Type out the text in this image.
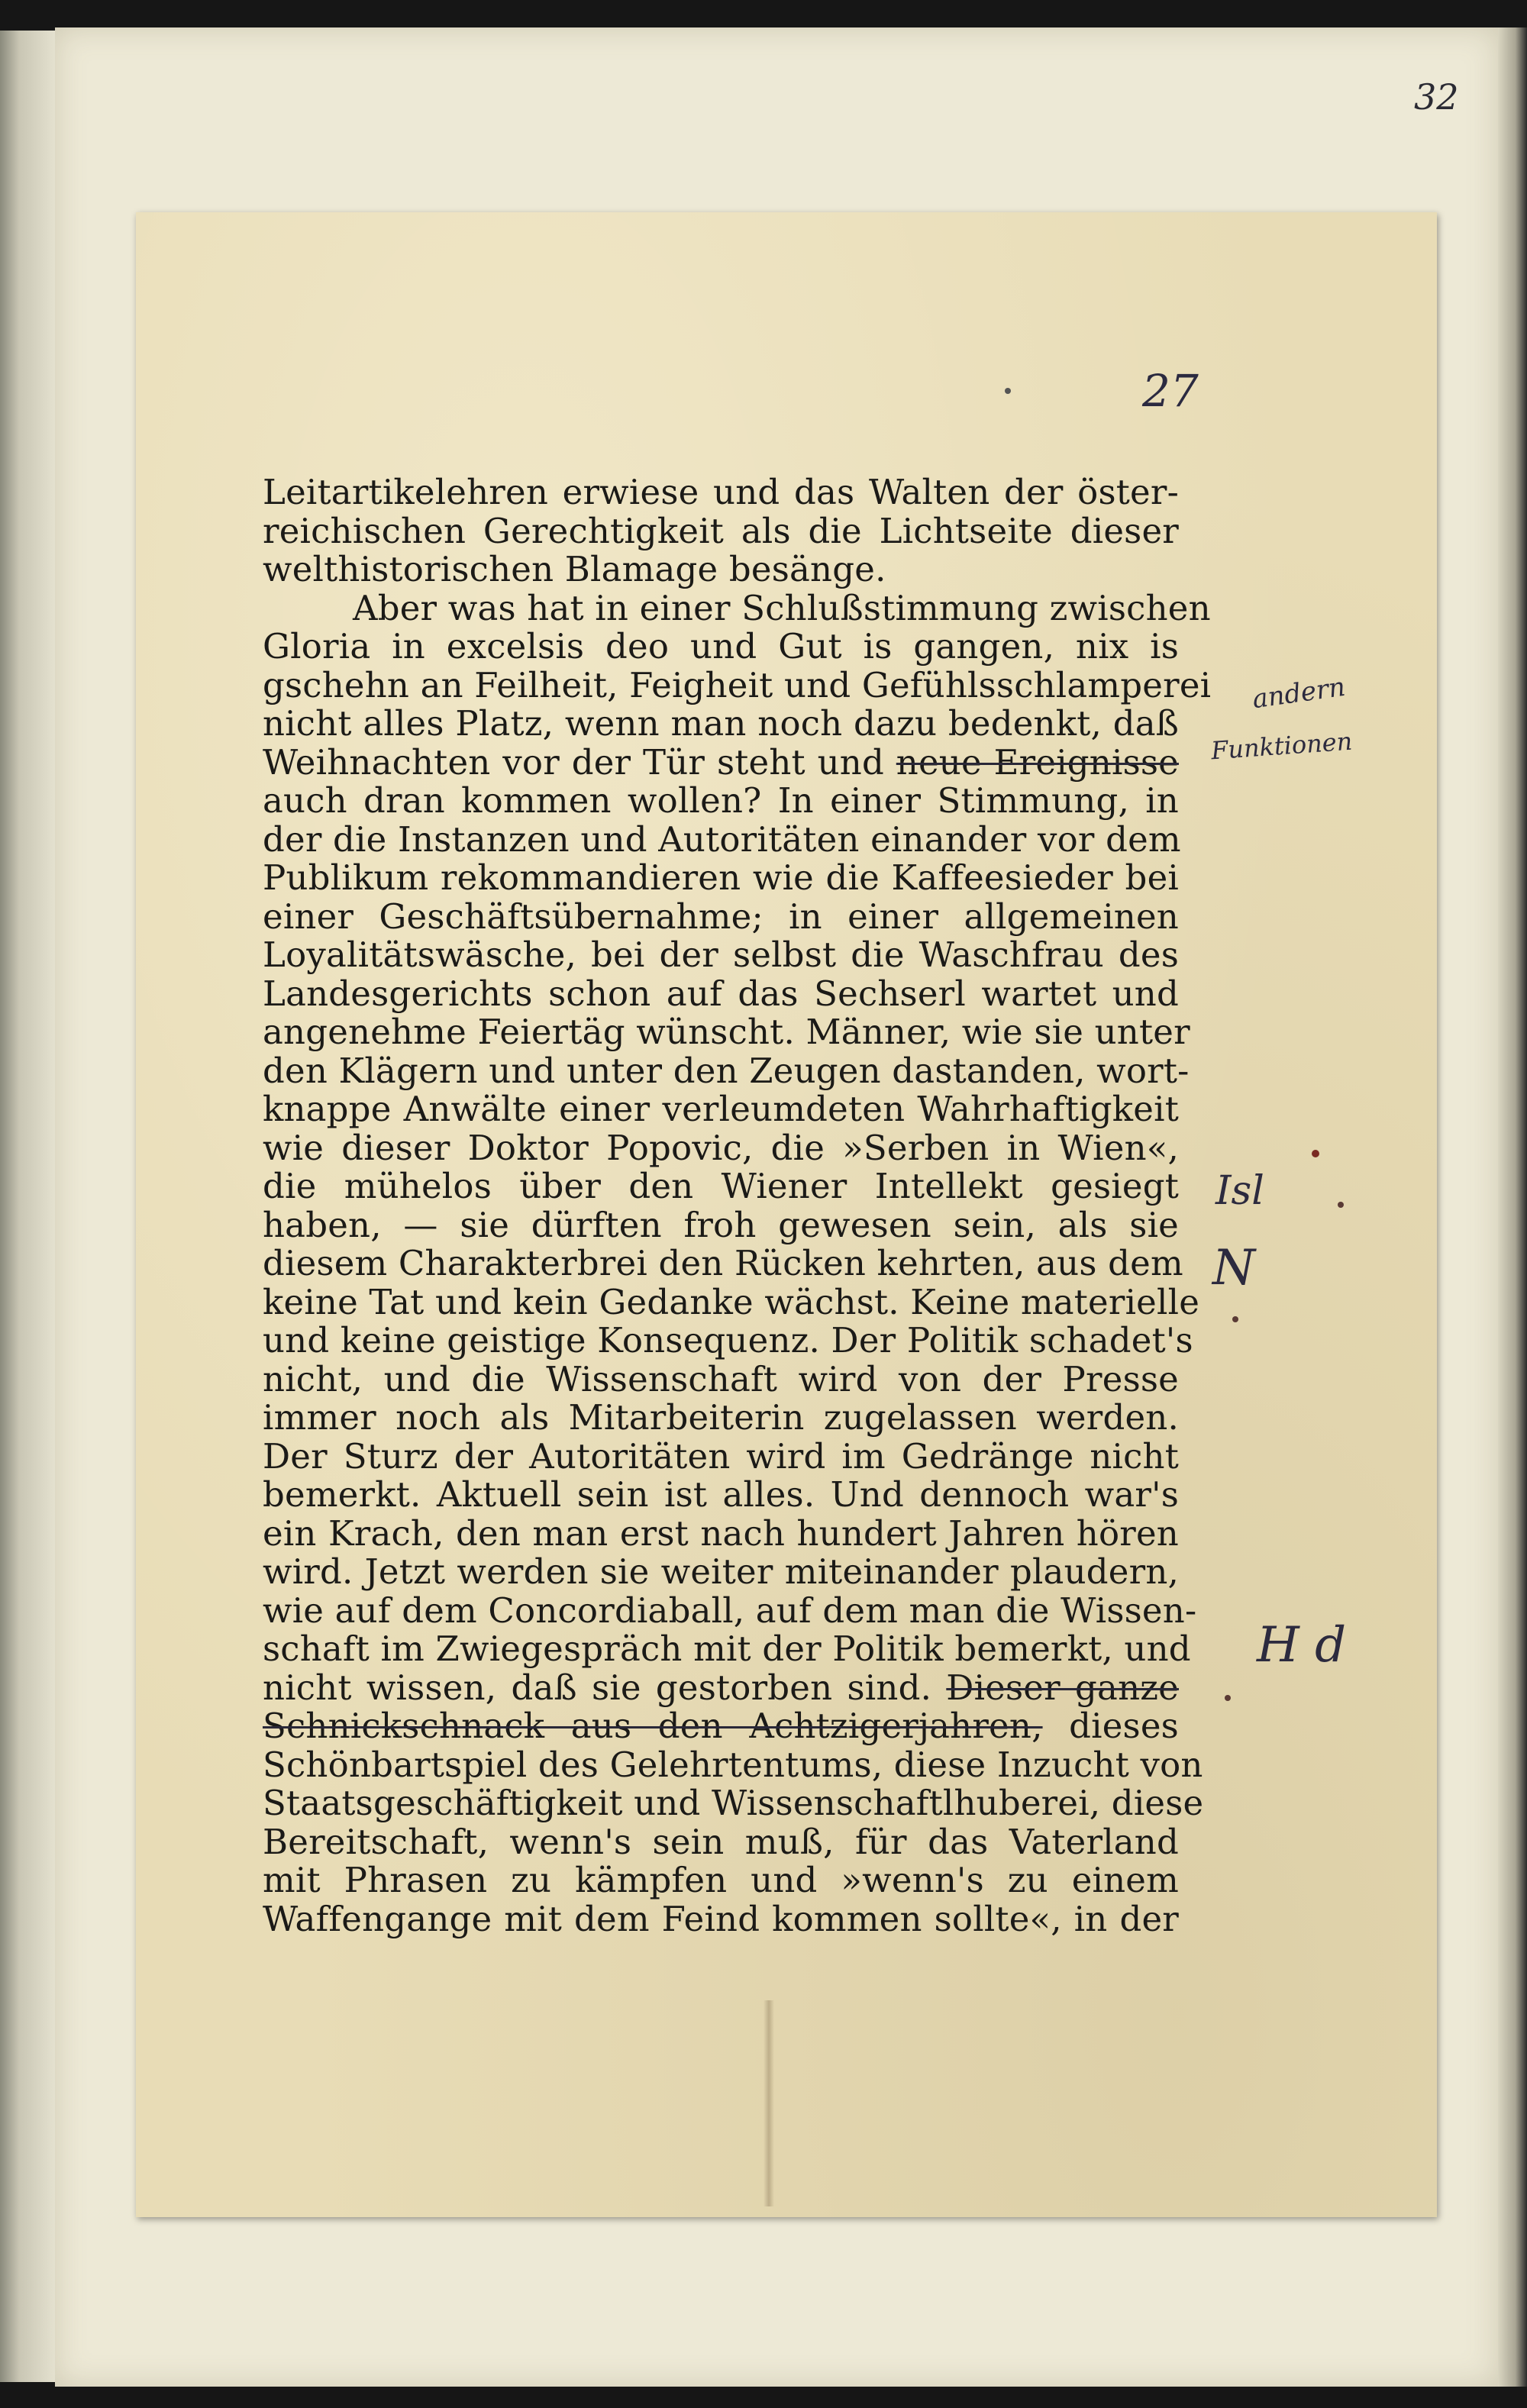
32
27
Leitartikelehren erwiese und das Walten der öster-
reichischen Gerechtigkeit als die Lichtseite dieser
welthistorischen Blamage besänge.
Aber was hat in einer Schlußstimmung zwischen
Gloria in excelsis deo und Gut is gangen, nix is
gschehn an Feilheit, Feigheit und Gefühlsschlamperei
nicht alles Platz, wenn man noch dazu bedenkt, daß
Weihnachten vor der Tür steht und neue Ereignisse
auch dran kommen wollen? In einer Stimmung, in
der die Instanzen und Autoritäten einander vor dem
Publikum rekommandieren wie die Kaffeesieder bei
einer Geschäftsübernahme; in einer allgemeinen
Loyalitätswäsche, bei der selbst die Waschfrau des
Landesgerichts schon auf das Sechserl wartet und
angenehme Feiertäg wünscht. Männer, wie sie unter
den Klägern und unter den Zeugen dastanden, wort-
knappe Anwälte einer verleumdeten Wahrhaftigkeit
wie dieser Doktor Popovic, die »Serben in Wien«,
die mühelos über den Wiener Intellekt gesiegt
haben, — sie dürften froh gewesen sein, als sie
diesem Charakterbrei den Rücken kehrten, aus dem
keine Tat und kein Gedanke wächst. Keine materielle
und keine geistige Konsequenz. Der Politik schadet's
nicht, und die Wissenschaft wird von der Presse
immer noch als Mitarbeiterin zugelassen werden.
Der Sturz der Autoritäten wird im Gedränge nicht
bemerkt. Aktuell sein ist alles. Und dennoch war's
ein Krach, den man erst nach hundert Jahren hören
wird. Jetzt werden sie weiter miteinander plaudern,
wie auf dem Concordiaball, auf dem man die Wissen-
schaft im Zwiegespräch mit der Politik bemerkt, und
nicht wissen, daß sie gestorben sind. Dieser ganze
Schnickschnack aus den Achtzigerjahren, dieses
Schönbartspiel des Gelehrtentums, diese Inzucht von
Staatsgeschäftigkeit und Wissenschaftlhuberei, diese
Bereitschaft, wenn's sein muß, für das Vaterland
mit Phrasen zu kämpfen und »wenn's zu einem
Waffengange mit dem Feind kommen sollte«, in der
andern
Funktionen
Isl
N
H d
